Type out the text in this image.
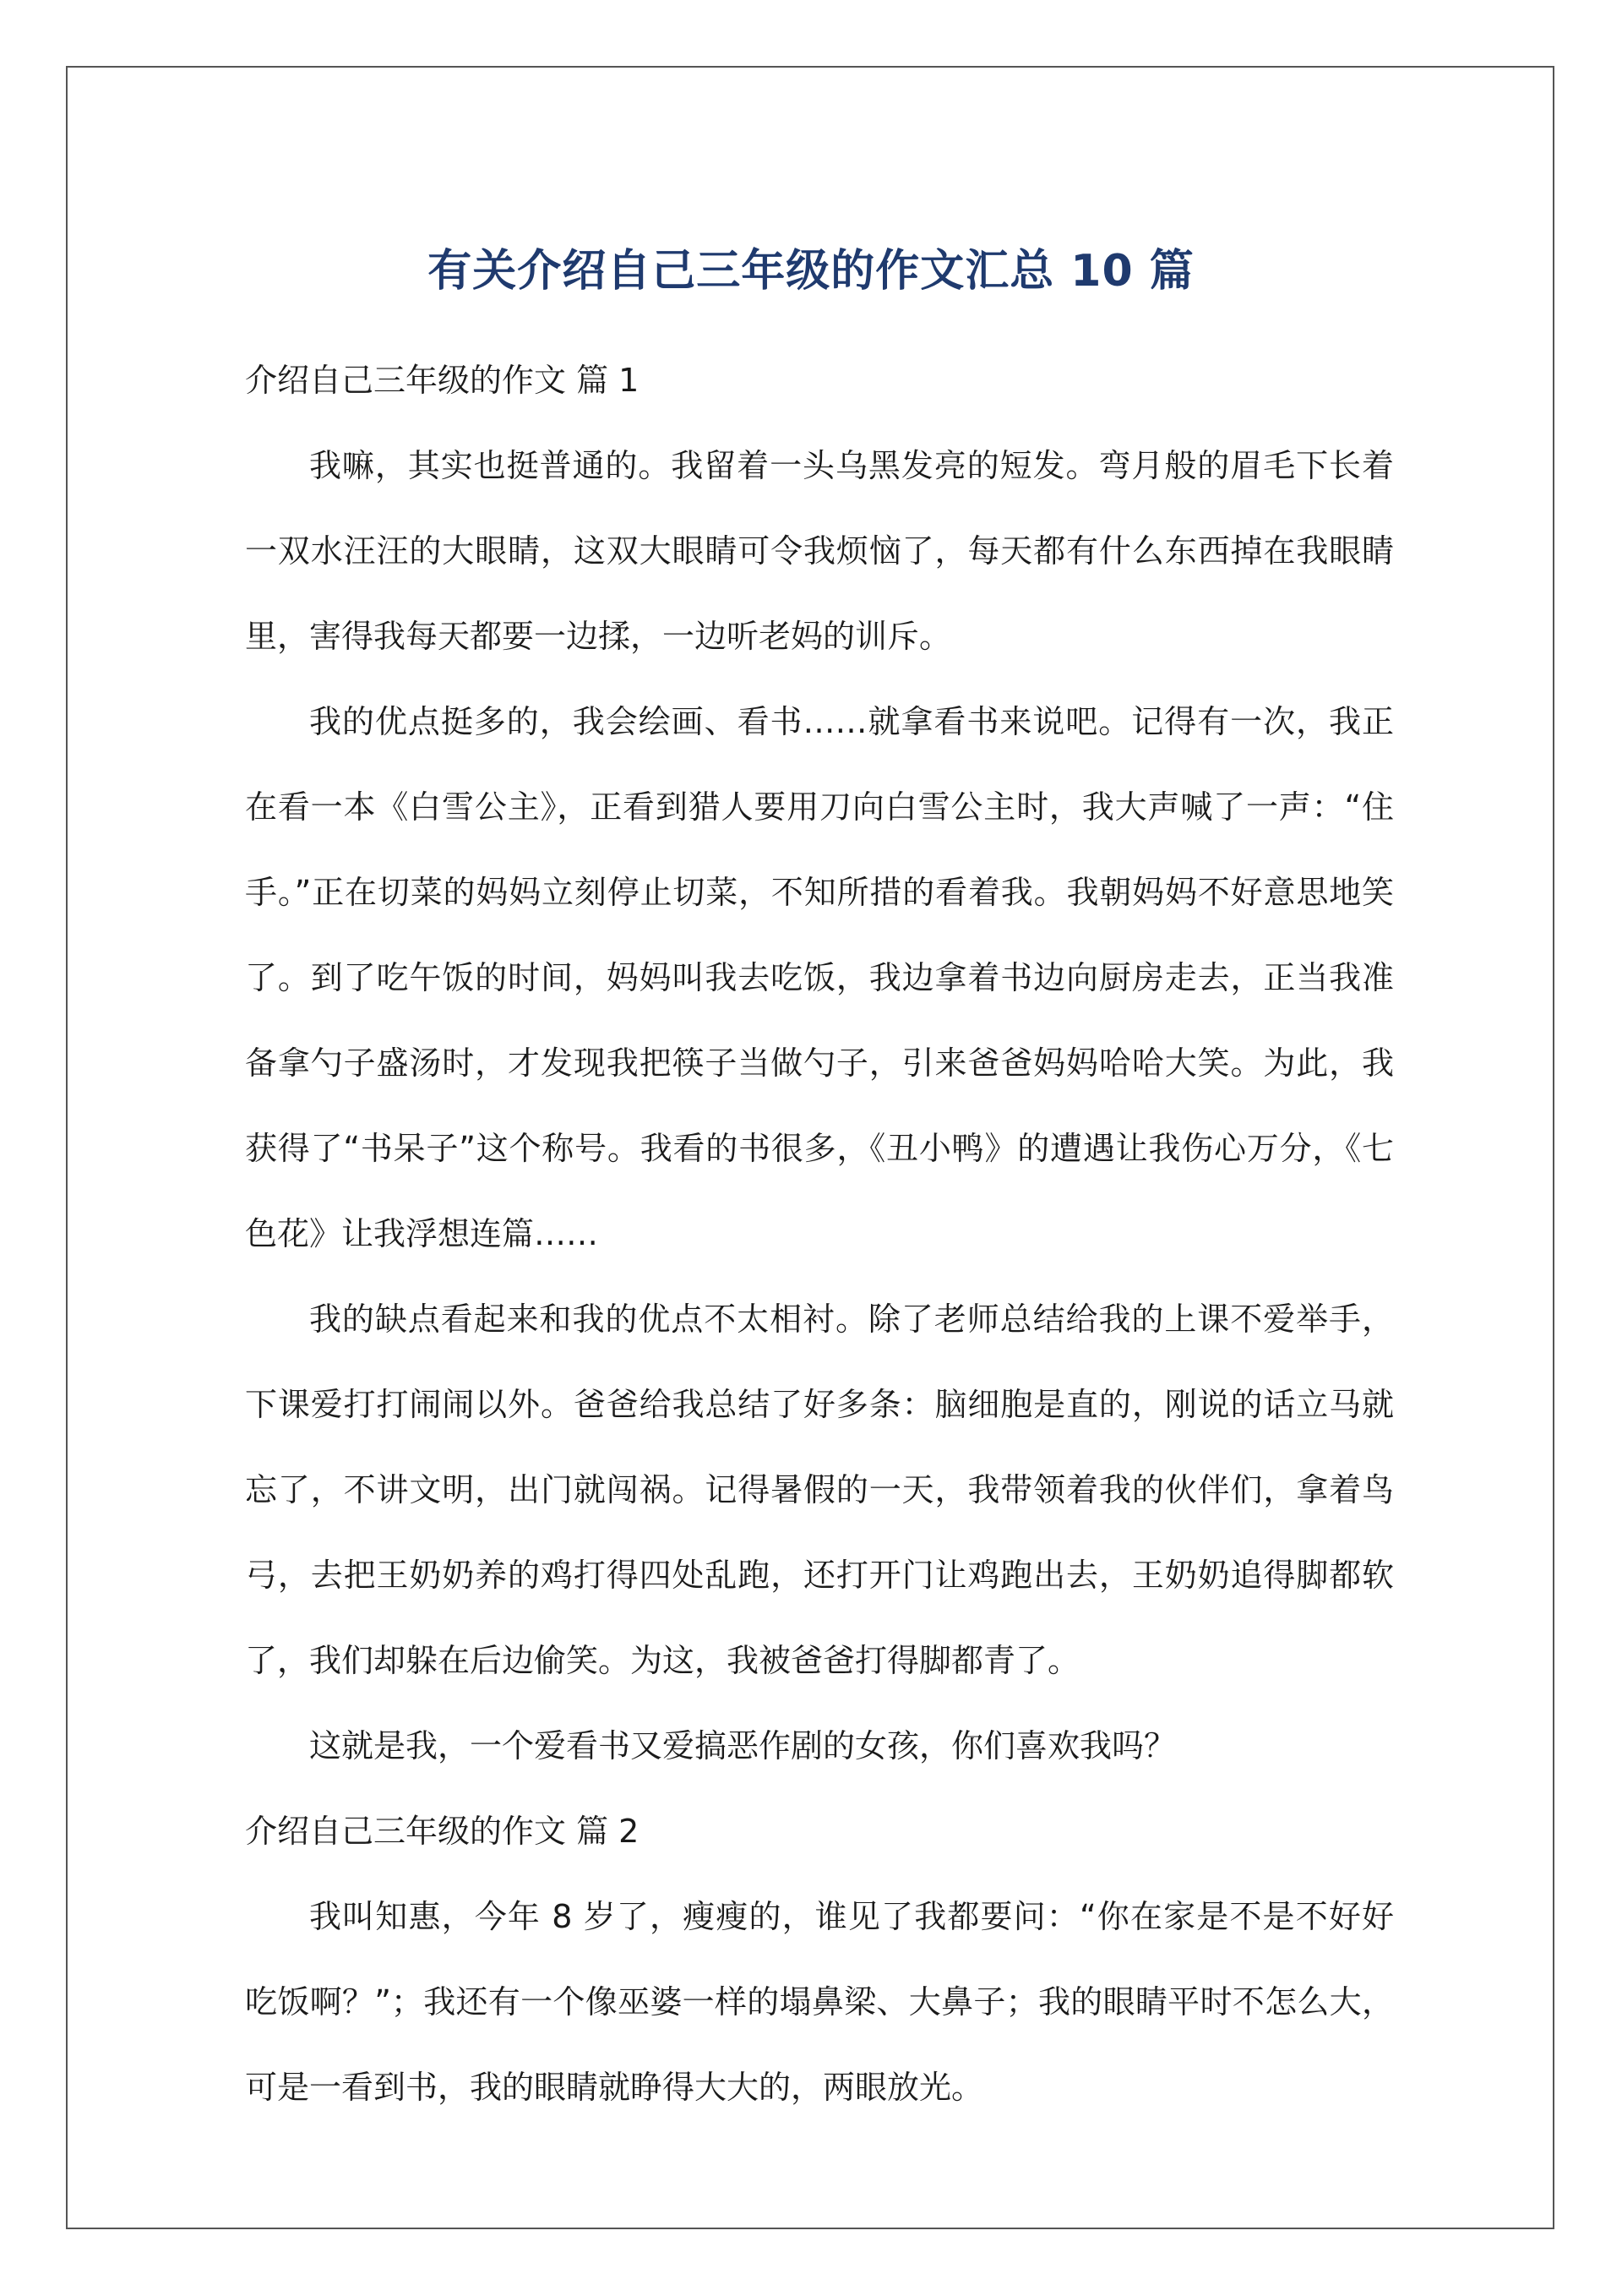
有关介绍自己三年级的作文汇总 10 篇

介绍自己三年级的作文 篇 1

我嘛，其实也挺普通的。我留着一头乌黑发亮的短发。弯月般的眉毛下长着一双水汪汪的大眼睛，这双大眼睛可令我烦恼了，每天都有什么东西掉在我眼睛里，害得我每天都要一边揉，一边听老妈的训斥。

我的优点挺多的，我会绘画、看书……就拿看书来说吧。记得有一次，我正在看一本《白雪公主》，正看到猎人要用刀向白雪公主时，我大声喊了一声：“住手。”正在切菜的妈妈立刻停止切菜，不知所措的看着我。我朝妈妈不好意思地笑了。到了吃午饭的时间，妈妈叫我去吃饭，我边拿着书边向厨房走去，正当我准备拿勺子盛汤时，才发现我把筷子当做勺子，引来爸爸妈妈哈哈大笑。为此，我获得了“书呆子”这个称号。我看的书很多，《丑小鸭》的遭遇让我伤心万分，《七色花》让我浮想连篇……

我的缺点看起来和我的优点不太相衬。除了老师总结给我的上课不爱举手，下课爱打打闹闹以外。爸爸给我总结了好多条：脑细胞是直的，刚说的话立马就忘了，不讲文明，出门就闯祸。记得暑假的一天，我带领着我的伙伴们，拿着鸟弓，去把王奶奶养的鸡打得四处乱跑，还打开门让鸡跑出去，王奶奶追得脚都软了，我们却躲在后边偷笑。为这，我被爸爸打得脚都青了。

这就是我，一个爱看书又爱搞恶作剧的女孩，你们喜欢我吗？

介绍自己三年级的作文 篇 2

我叫知惠，今年 8 岁了，瘦瘦的，谁见了我都要问：“你在家是不是不好好吃饭啊？”；我还有一个像巫婆一样的塌鼻梁、大鼻子；我的眼睛平时不怎么大，可是一看到书，我的眼睛就睁得大大的，两眼放光。
